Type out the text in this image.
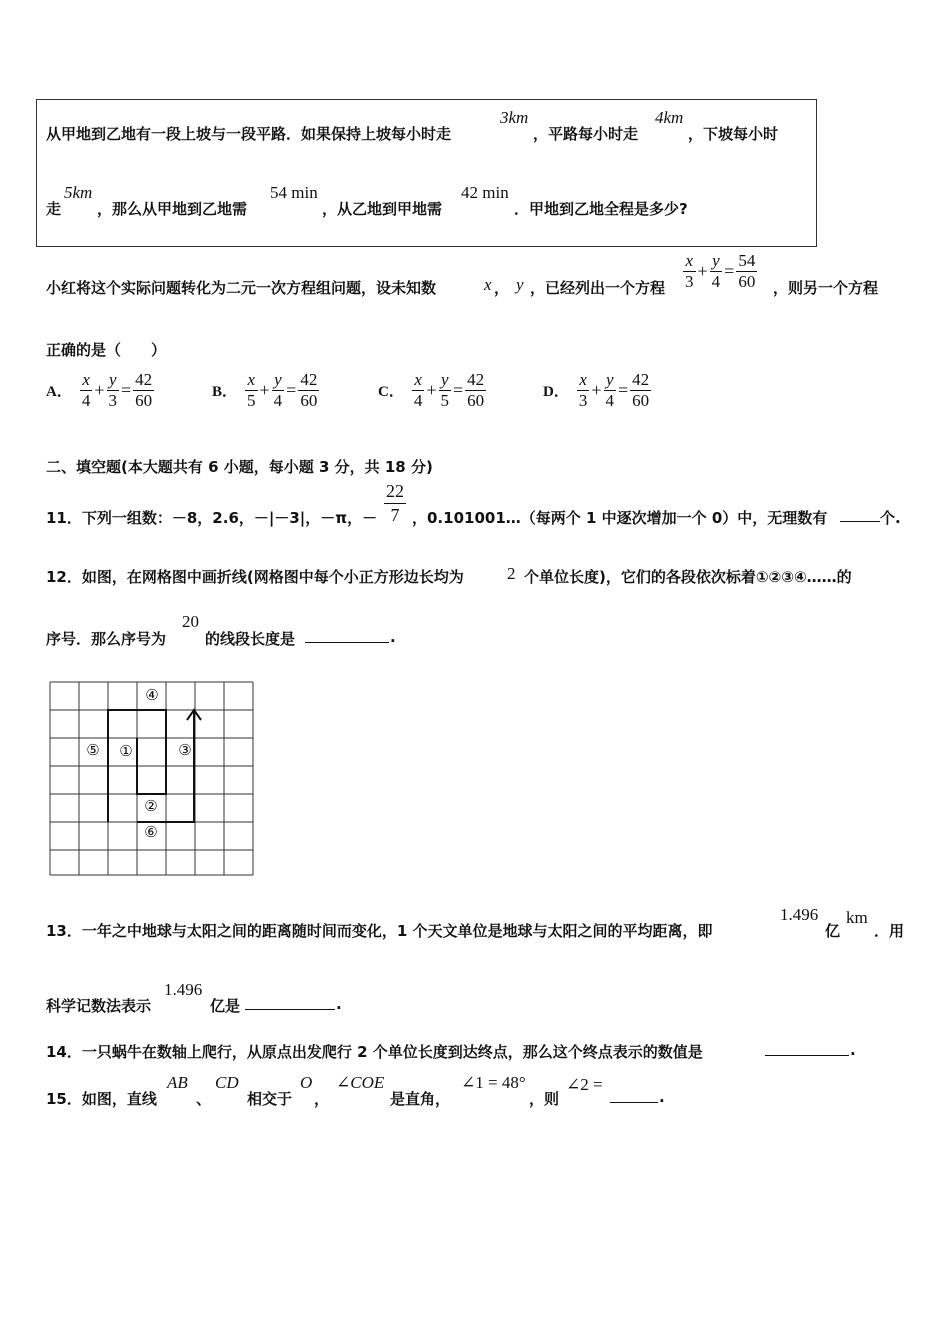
从甲地到乙地有一段上坡与一段平路．如果保持上坡每小时走
3km
，平路每小时走
4km
，下坡每小时
走
5km
，那么从甲地到乙地需
54 min
，从乙地到甲地需
42 min
．甲地到乙地全程是多少?
小红将这个实际问题转化为二元一次方程组问题，设未知数	x ， y ，已经列出一个方程 $\frac{x}{3} + \frac{y}{4} = \frac{54}{60}$ ，则另一个方程
正确的是（　　）
A． $\frac{x}{4} + \frac{y}{3} = \frac{42}{60}$	B． $\frac{x}{5} + \frac{y}{4} = \frac{42}{60}$	C． $\frac{x}{4} + \frac{y}{5} = \frac{42}{60}$	D． $\frac{x}{3} + \frac{y}{4} = \frac{42}{60}$
二、填空题(本大题共有 6 小题，每小题 3 分，共 18 分)
11．下列一组数：－8，2.6，－|－3|，－π，－ $\frac{22}{7}$ ，0.101001…（每两个 1 中逐次增加一个 0）中，无理数有	个.
12．如图，在网格图中画折线(网格图中每个小正方形边长均为	2 个单位长度)，它们的各段依次标着①②③④……的
序号．那么序号为
20
的线段长度是	.
④
⑤ ①	③
②
⑥
13．一年之中地球与太阳之间的距离随时间而变化，1 个天文单位是地球与太阳之间的平均距离，即
1.496
亿
km
．用
科学记数法表示
1.496
亿是	.
14．一只蜗牛在数轴上爬行，从原点出发爬行 2 个单位长度到达终点，那么这个终点表示的数值是	.
15．如图，直线
AB
、
CD
相交于
O
，
∠COE
是直角，
∠1 = 48°
，则
∠2 =
.
